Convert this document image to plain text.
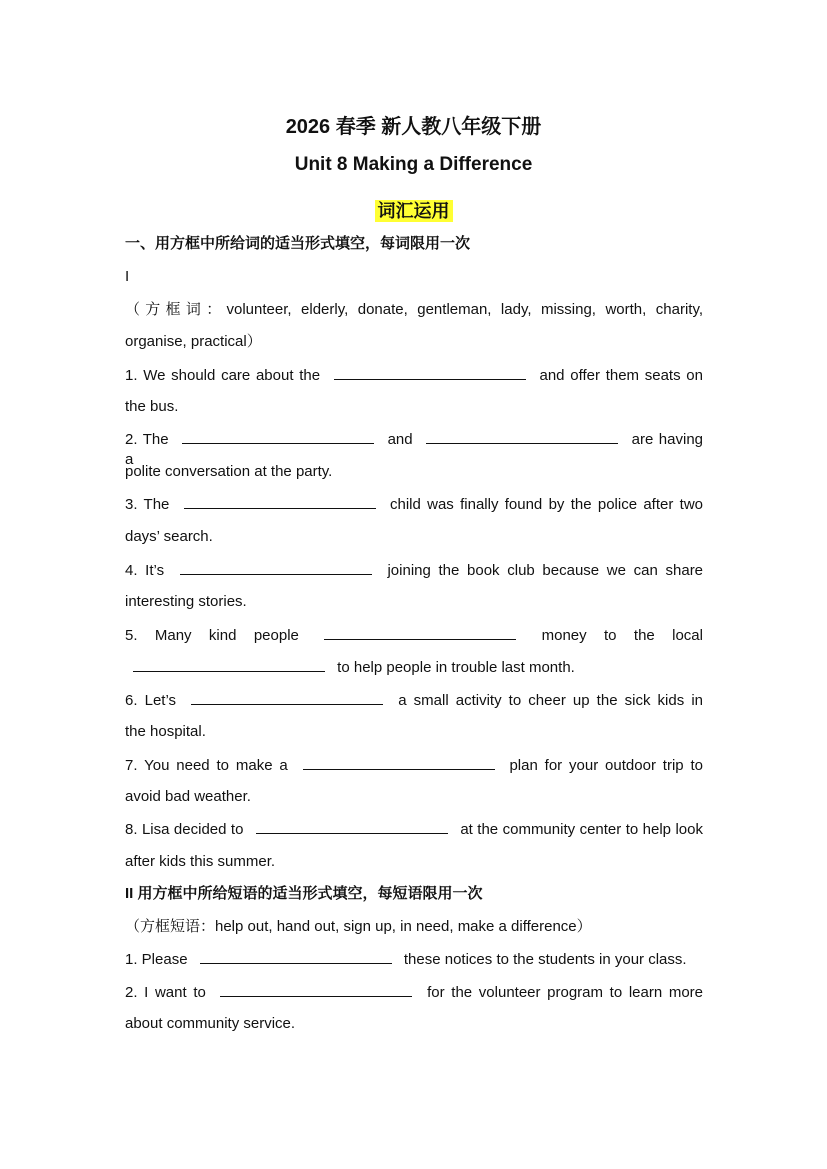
2026 春季 新人教八年级下册
Unit 8 Making a Difference
词汇运用
一、用方框中所给词的适当形式填空，每词限用一次
I
（方框词：volunteer, elderly, donate, gentleman, lady, missing, worth, charity,
organise, practical）
1. We should care about the	and offer them seats on
the bus.
2. The	and	are having a
polite conversation at the party.
3. The	child was finally found by the police after two
days’ search.
4. It’s	joining the book club because we can share
interesting stories.
5. Many kind people	money to the local
to help people in trouble last month.
6. Let’s	a small activity to cheer up the sick kids in
the hospital.
7. You need to make a	plan for your outdoor trip to
avoid bad weather.
8. Lisa decided to	at the community center to help look
after kids this summer.
II 用方框中所给短语的适当形式填空，每短语限用一次
（方框短语：help out, hand out, sign up, in need, make a difference）
1. Please	these notices to the students in your class.
2. I want to	for the volunteer program to learn more
about community service.
